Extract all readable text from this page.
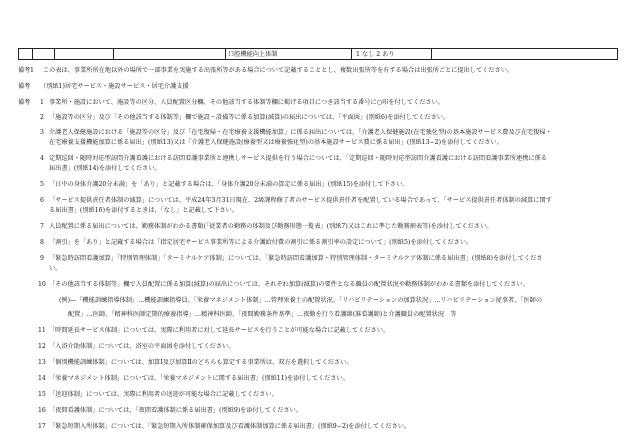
口腔機能向上体制	1 なし 2 あり
備考 1 この表は、事業所所在地以外の場所で一部事業を実施する出張所等がある場合について記載することとし、複数出張所等を有する場合は出張所ごとに提出してください。
備考 （別紙1)居宅サービス・施設サービス・居宅介護支援
備考 1 事業所・施設において、施設等の区分、人員配置区分欄、その他該当する体制等欄に掲げる項目につき該当する番号に○印を付してください。
2 「施設等の区分」及び「その他該当する体制等」欄で施設・設備等に係る加算(減算)の届出については、「平面図」(別紙6)を添付してください。
3 介護老人保健施設における「施設等の区分」及び「在宅復帰・在宅療養支援機能加算」に係る届出については、「介護老人保健施設(在宅強化型)の基本施設サービス費及び在宅復帰・
在宅療養支援機能加算に係る届出」(別紙13)又は「介護老人保健施設(療養型又は療養強化型)の基本施設サービス費に係る届出」(別紙13−2)を添付してください。
4 定期巡回・随時対応型訪問介護看護における訪問看護事業所と連携しサービス提供を行う場合については、「定期巡回・随時対応型訪問介護看護における訪問看護事業所連携に係る
届出書」(別紙14)を添付してください。
5 「日中の身体介護20分未満」を「あり」と記載する場合は、「身体介護20分未満の算定に係る届出」(別紙15)を添付して下さい。
6 「サービス提供責任者体制の減算」については、平成24年3月31日現在、2級課程修了者のサービス提供責任者を配置している場合であって、「サービス提供責任者体制の減算に関す
る届出書」(別紙16)を添付するときは、「なし」と記載して下さい。
7 人員配置に係る届出については、勤務体制がわかる書類(「従業者の勤務の体制及び勤務形態一覧表」(別紙7)又はこれに準じた勤務割表等)を添付してください。
8 「割引」を「あり」と記載する場合は「指定居宅サービス事業所等による介護給付費の割引に係る割引率の設定について」(別紙5)を添付してください。
9 「緊急時訪問看護加算」「特別管理体制」「ターミナルケア体制」については、「緊急時訪問看護加算・特別管理体制・ターミナルケア体制に係る届出書」(別紙8)を添付してくださ
い。
10 「その他該当する体制等」欄で人員配置に係る加算(減算)の届出については、それぞれ加算(減算)の要件となる職員の配置状況や勤務体制がわかる書類を添付してください。
(例)―「機能訓練指導体制」…機能訓練指導員、「栄養マネジメント体制」…管理栄養士の配置状況、「リハビリテーションの加算状況」…リハビリテーション従事者、「医師の
配置」…医師、「精神科医師定期的療養指導」…精神科医師、「夜間勤務条件基準」…夜勤を行う看護師(准看護師)と介護職員の配置状況　等
11 「時間延長サービス体制」については、実際に利用者に対して延長サービスを行うことが可能な場合に記載してください。
12 「入浴介助体制」については、浴室の平面図を添付してください。
13 「個別機能訓練体制」については、加算Ⅰ及び加算Ⅱのどちらも算定する事業所は、双方を選択してください。
14 「栄養マネジメント体制」については、「栄養マネジメントに関する届出書」(別紙11)を添付してください。
15 「送迎体制」については、実際に利用者の送迎が可能な場合に記載してください。
16 「夜間看護体制」については、「夜間看護体制に係る届出書」(別紙9)を添付してください。
17 「緊急短期入所体制」については、「緊急短期入所体制確保加算及び看護体制加算に係る届出書」(別紙9−2)を添付してください。
